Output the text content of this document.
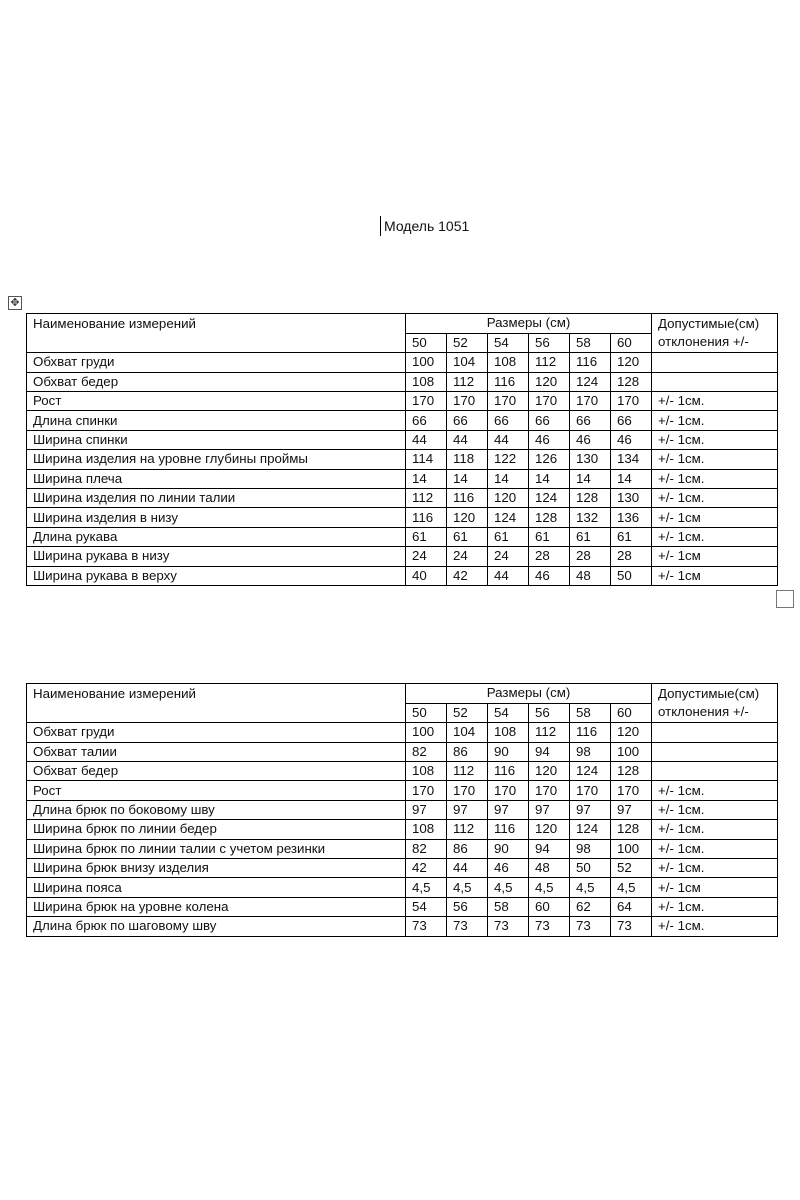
Модель 1051
✥
Наименование измерений	Размеры (см)						Допустимые(см)
	50	52	54	56	58	60	отклонения +/-
Обхват груди	100	104	108	112	116	120	
Обхват бедер	108	112	116	120	124	128	
Рост	170	170	170	170	170	170	+/- 1см.
Длина спинки	66	66	66	66	66	66	+/- 1см.
Ширина спинки	44	44	44	46	46	46	+/- 1см.
Ширина изделия на уровне глубины проймы	114	118	122	126	130	134	+/- 1см.
Ширина плеча	14	14	14	14	14	14	+/- 1см.
Ширина изделия по линии талии	112	116	120	124	128	130	+/- 1см.
Ширина изделия в низу	116	120	124	128	132	136	+/- 1см
Длина рукава	61	61	61	61	61	61	+/- 1см.
Ширина рукава в низу	24	24	24	28	28	28	+/- 1см
Ширина рукава в верху	40	42	44	46	48	50	+/- 1см
Наименование измерений	Размеры (см)						Допустимые(см)
	50	52	54	56	58	60	отклонения +/-
Обхват груди	100	104	108	112	116	120	
Обхват талии	82	86	90	94	98	100	
Обхват бедер	108	112	116	120	124	128	
Рост	170	170	170	170	170	170	+/- 1см.
Длина брюк по боковому шву	97	97	97	97	97	97	+/- 1см.
Ширина брюк по линии бедер	108	112	116	120	124	128	+/- 1см.
Ширина брюк по линии талии с учетом резинки	82	86	90	94	98	100	+/- 1см.
Ширина брюк внизу изделия	42	44	46	48	50	52	+/- 1см.
Ширина пояса	4,5	4,5	4,5	4,5	4,5	4,5	+/- 1см
Ширина брюк на уровне колена	54	56	58	60	62	64	+/- 1см.
Длина брюк по шаговому шву	73	73	73	73	73	73	+/- 1см.
